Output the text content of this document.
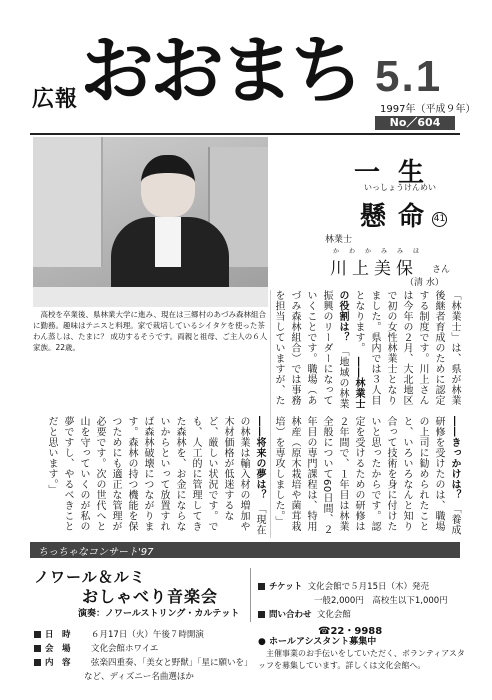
広報 おおまち 5.1
1997年（平成９年）
No／604

高校を卒業後、県林業大学に進み、現在は三郷村のあづみ森林組合に勤務。趣味はテニスと料理。家で栽培しているシイタケを使った茶わん蒸しは、たまに？ 成功するそうです。両親と祖母、ご主人の６人家族。22歳。

一 生
いっしょうけんめい
懸 命 41
林業士
かわかみみほ
川上美保 さん
（清 水）
「林業士」は、県が林業後継者育成のために認定する制度です。川上さんは今年の２月、大北地区で初の女性林業士となりました。県内では３人目となります。 ――林業士の役割は？ 「地域の林業振興のリーダーになっていくことです。職場（あづみ森林組合）では事務を担当していますが、た
――きっかけは？ 「養成研修を受けたのは、職場の上司に勧められたことと、いろいろなんと知り合って技術を身に付けたいと思ったからです。認定を受けるための研修は２年間で、１年目は林業全般について60日間、２年目の専門課程は、特用林産（原木栽培や菌茸栽培）を専攻しました。」
――将来の夢は？ 「現在の林業は輸入材の増加や木材価格が低迷するなど、厳しい状況です。でも、人工的に管理してきた森林を、お金にならないからといって放置すれば森林破壊につながります。森林の持つ機能を保つためにも適正な管理が必要です。次の世代へと山を守っていくのが私の夢ですし、やるべきことだと思います。」
ちっちゃなコンサート'97
ノワール＆ルミ
おしゃべり音楽会
演奏：ノワールストリング・カルテット
日　時 ６月17日（火）午後７時開演
会　場 文化会館ホワイエ
内　容 弦楽四重奏、「美女と野獣」「星に願いを」
など、ディズニー名曲選ほか
チケット 文化会館で５月15日（木）発売
一般2,000円　高校生以下1,000円
問い合わせ 文化会館
☎22・9988
● ホールアシスタント募集中
主催事業のお手伝いをしていただく、ボランティアスタッフを募集しています。詳しくは文化会館へ。
